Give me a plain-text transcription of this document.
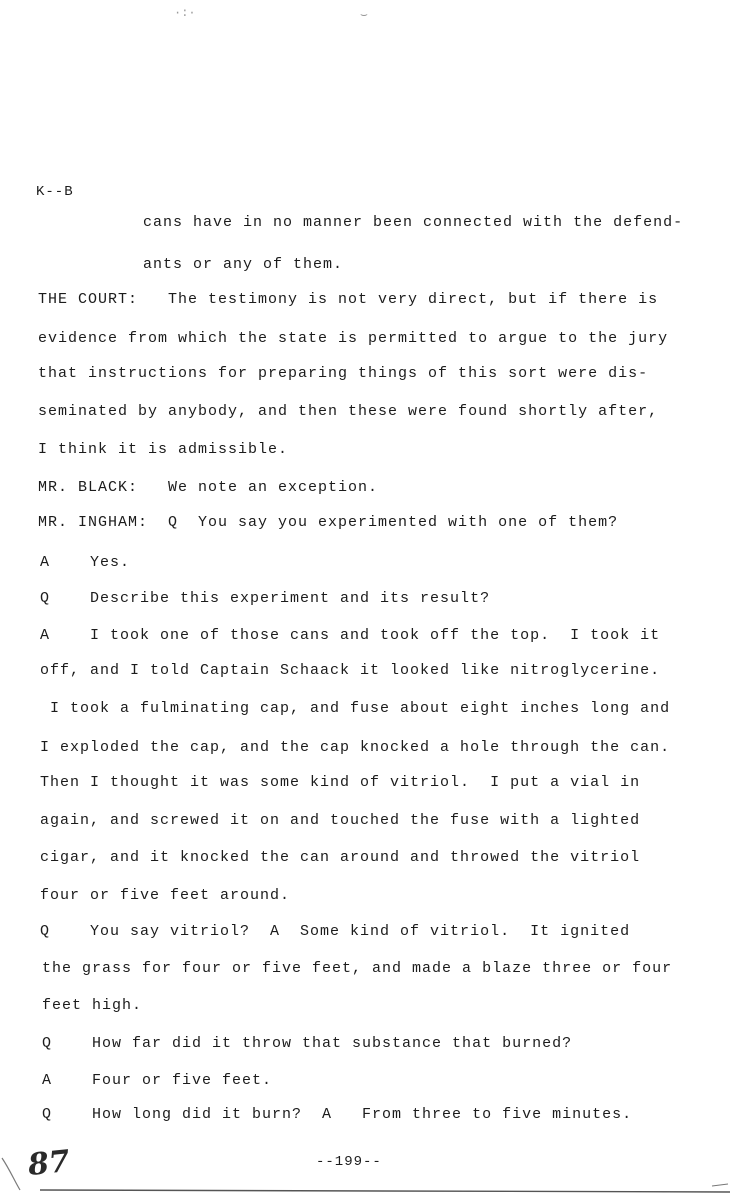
·:·	⌣
K--B
cans have in no manner been connected with the defend-
ants or any of them.
THE COURT:   The testimony is not very direct, but if there is
evidence from which the state is permitted to argue to the jury
that instructions for preparing things of this sort were dis-
seminated by anybody, and then these were found shortly after,
I think it is admissible.
MR. BLACK:   We note an exception.
MR. INGHAM:  Q  You say you experimented with one of them?
A    Yes.
Q    Describe this experiment and its result?
A    I took one of those cans and took off the top.  I took it
off, and I told Captain Schaack it looked like nitroglycerine.
I took a fulminating cap, and fuse about eight inches long and
I exploded the cap, and the cap knocked a hole through the can.
Then I thought it was some kind of vitriol.  I put a vial in
again, and screwed it on and touched the fuse with a lighted
cigar, and it knocked the can around and throwed the vitriol
four or five feet around.
Q    You say vitriol?  A  Some kind of vitriol.  It ignited
the grass for four or five feet, and made a blaze three or four
feet high.
Q    How far did it throw that substance that burned?
A    Four or five feet.
Q    How long did it burn?  A   From three to five minutes.
87	--199--
